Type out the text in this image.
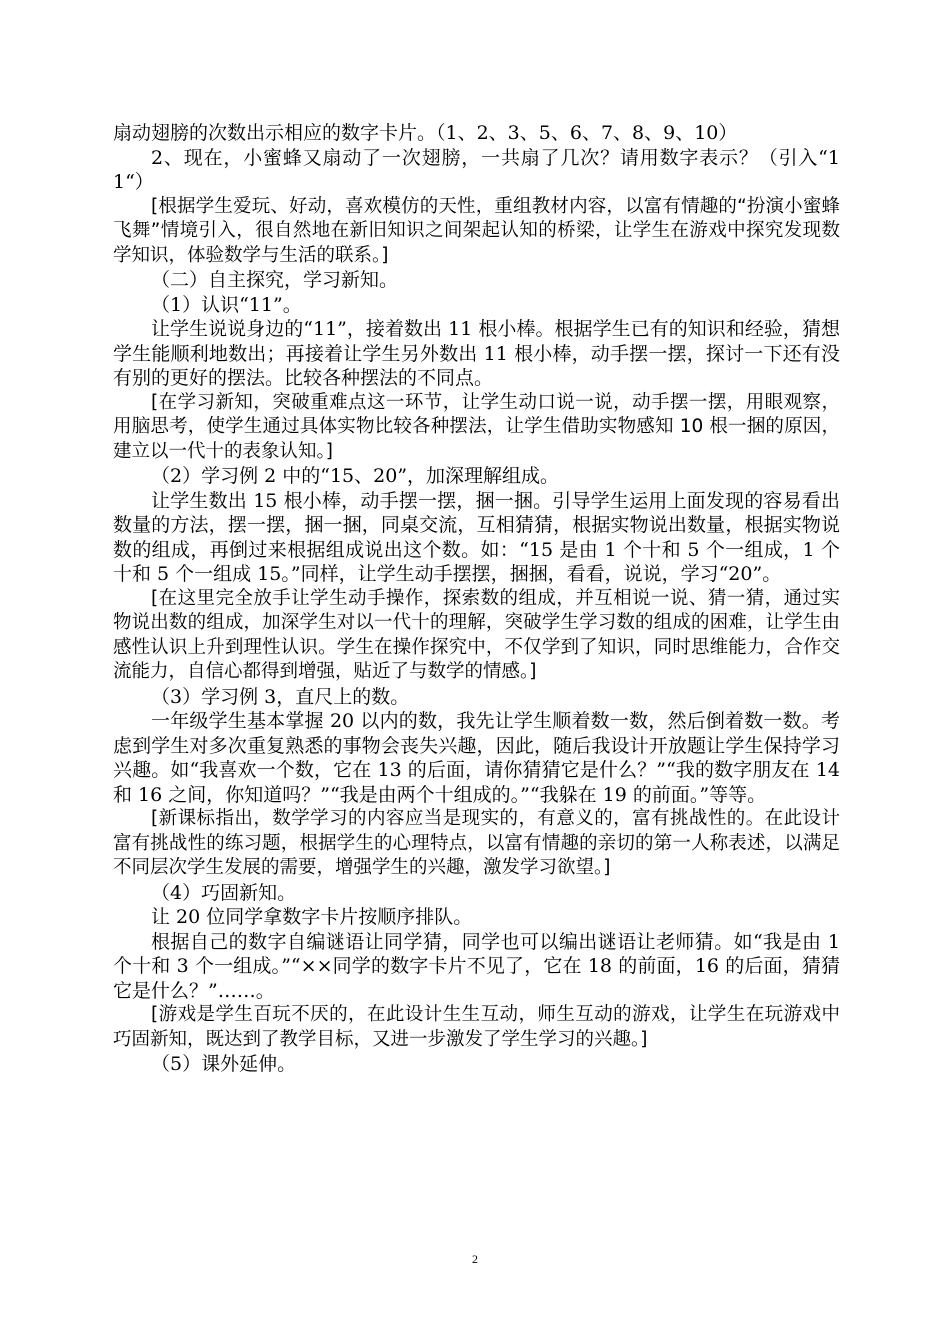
扇动翅膀的次数出示相应的数字卡片。（1、2、3、5、6、7、8、9、10）

2、现在，小蜜蜂又扇动了一次翅膀，一共扇了几次？请用数字表示？（引入“11“）

[根据学生爱玩、好动，喜欢模仿的天性，重组教材内容，以富有情趣的“扮演小蜜蜂飞舞”情境引入，很自然地在新旧知识之间架起认知的桥梁，让学生在游戏中探究发现数学知识，体验数学与生活的联系。]

（二）自主探究，学习新知。

（1）认识“11”。

让学生说说身边的“11”，接着数出 11 根小棒。根据学生已有的知识和经验，猜想学生能顺利地数出；再接着让学生另外数出 11 根小棒，动手摆一摆，探讨一下还有没有别的更好的摆法。比较各种摆法的不同点。

[在学习新知，突破重难点这一环节，让学生动口说一说，动手摆一摆，用眼观察，用脑思考，使学生通过具体实物比较各种摆法，让学生借助实物感知 10 根一捆的原因， 建立以一代十的表象认知。]

（2）学习例 2 中的“15、20”，加深理解组成。

让学生数出 15 根小棒，动手摆一摆，捆一捆。引导学生运用上面发现的容易看出数量的方法，摆一摆，捆一捆，同桌交流，互相猜猜，根据实物说出数量，根据实物说数的组成，再倒过来根据组成说出这个数。如：“15 是由 1 个十和 5 个一组成，1 个十和 5 个一组成 15。”同样，让学生动手摆摆，捆捆，看看，说说，学习“20”。

[在这里完全放手让学生动手操作，探索数的组成，并互相说一说、猜一猜，通过实物说出数的组成，加深学生对以一代十的理解，突破学生学习数的组成的困难，让学生由感性认识上升到理性认识。学生在操作探究中，不仅学到了知识，同时思维能力，合作交流能力，自信心都得到增强，贴近了与数学的情感。]

（3）学习例 3，直尺上的数。

一年级学生基本掌握 20 以内的数，我先让学生顺着数一数，然后倒着数一数。考虑到学生对多次重复熟悉的事物会丧失兴趣，因此，随后我设计开放题让学生保持学习兴趣。如“我喜欢一个数，它在 13 的后面，请你猜猜它是什么？”“我的数字朋友在 14 和 16 之间，你知道吗？”“我是由两个十组成的。”“我躲在 19 的前面。”等等。

[新课标指出，数学学习的内容应当是现实的，有意义的，富有挑战性的。在此设计富有挑战性的练习题，根据学生的心理特点，以富有情趣的亲切的第一人称表述，以满足不同层次学生发展的需要，增强学生的兴趣，激发学习欲望。]

（4）巧固新知。

让 20 位同学拿数字卡片按顺序排队。

根据自己的数字自编谜语让同学猜，同学也可以编出谜语让老师猜。如“我是由 1 个十和 3 个一组成。”“××同学的数字卡片不见了，它在 18 的前面，16 的后面，猜猜它是什么？”……。

[游戏是学生百玩不厌的，在此设计生生互动，师生互动的游戏，让学生在玩游戏中巧固新知，既达到了教学目标，又进一步激发了学生学习的兴趣。]

（5）课外延伸。

2
